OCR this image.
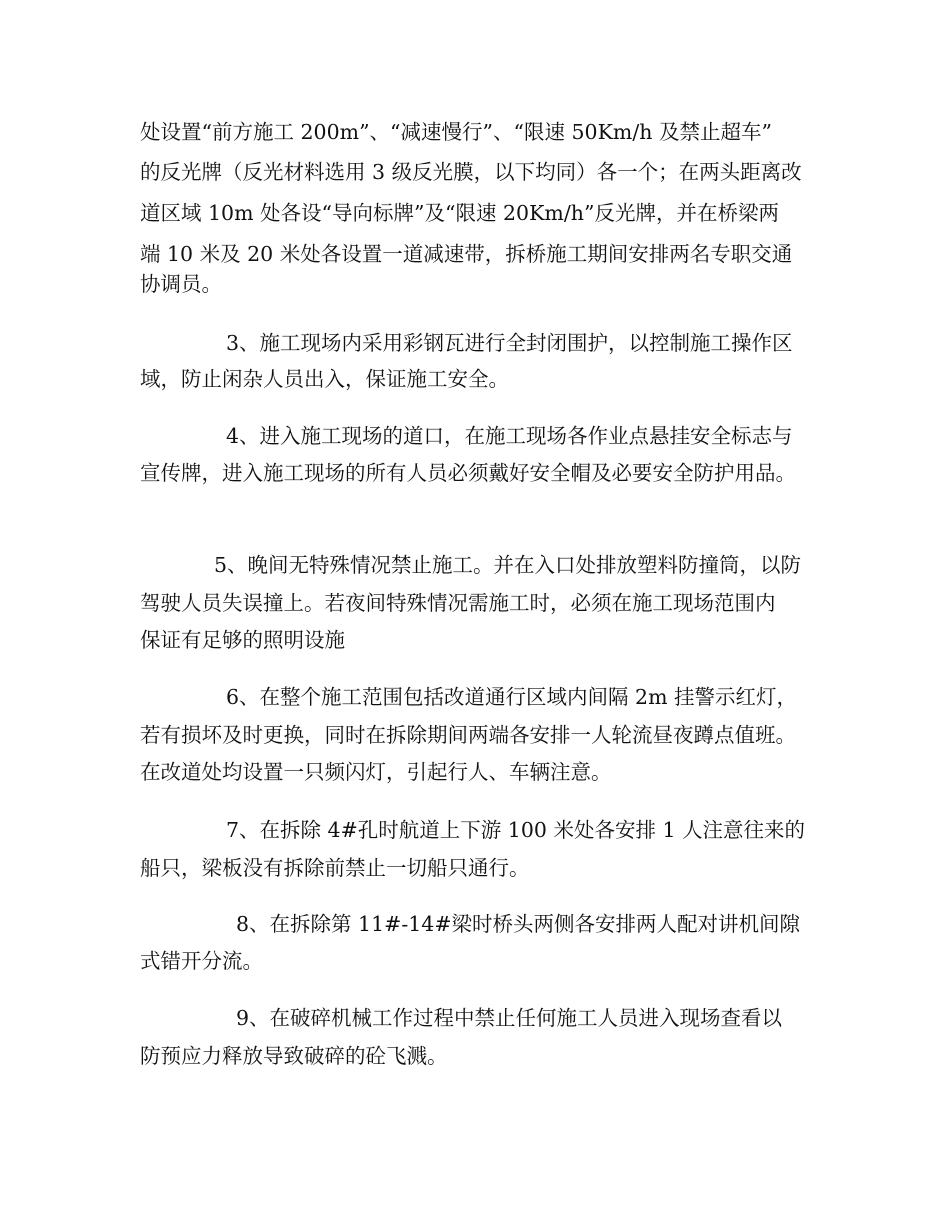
处设置“前方施工 200m”、“减速慢行”、“限速 50Km/h 及禁止超车”

的反光牌（反光材料选用 3 级反光膜，以下均同）各一个；在两头距离改

道区域 10m 处各设“导向标牌”及“限速 20Km/h”反光牌，并在桥梁两

端 10 米及 20 米处各设置一道减速带，拆桥施工期间安排两名专职交通

协调员。

3、施工现场内采用彩钢瓦进行全封闭围护，以控制施工操作区

域，防止闲杂人员出入，保证施工安全。

4、进入施工现场的道口，在施工现场各作业点悬挂安全标志与

宣传牌，进入施工现场的所有人员必须戴好安全帽及必要安全防护用品。

5、晚间无特殊情况禁止施工。并在入口处排放塑料防撞筒，以防

驾驶人员失误撞上。若夜间特殊情况需施工时，必须在施工现场范围内

保证有足够的照明设施

6、在整个施工范围包括改道通行区域内间隔 2m 挂警示红灯，

若有损坏及时更换，同时在拆除期间两端各安排一人轮流昼夜蹲点值班。

在改道处均设置一只频闪灯，引起行人、车辆注意。

7、在拆除 4#孔时航道上下游 100 米处各安排 1 人注意往来的

船只，梁板没有拆除前禁止一切船只通行。

8、在拆除第 11#-14#梁时桥头两侧各安排两人配对讲机间隙

式错开分流。

9、在破碎机械工作过程中禁止任何施工人员进入现场查看以

防预应力释放导致破碎的砼飞溅。
